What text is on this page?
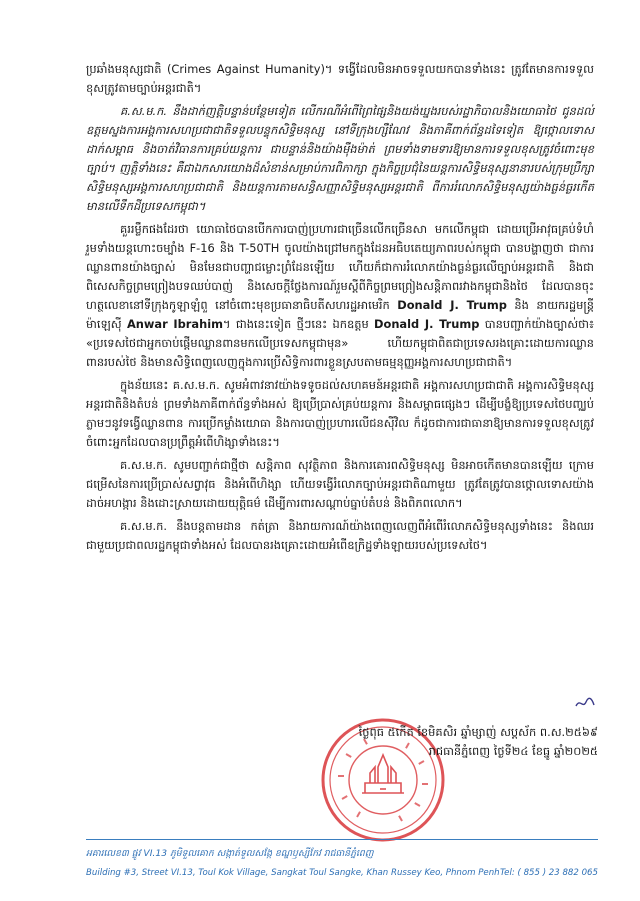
ប្រឆាំងមនុស្សជាតិ (Crimes Against Humanity)។ ទង្វើដែលមិនអាចទទួលយកបានទាំងនេះ ត្រូវតែមានការទទួលខុសត្រូវតាមច្បាប់អន្តរជាតិ។

គ.ស.ម.ក. នឹងដាក់ញត្តិបន្ទាន់បន្ថែមទៀត លើករណីអំពើព្រៃផ្សៃនិងយង់ឃ្នងរបស់រដ្ឋាភិបាលនិងយោធាថៃ ជូនដល់ឧត្តមស្នងការអង្គការសហប្រជាជាតិទទួលបន្ទុកសិទ្ធិមនុស្ស នៅទីក្រុងហ្សឺណែវ និងភាគីពាក់ព័ន្ធដទៃទៀត ឱ្យថ្កោលទោស ដាក់សម្ពាធ និងចាត់វិធានការគ្រប់យន្តការ ជាបន្ទាន់និងយ៉ាងម៉ឺងម៉ាត់ ព្រមទាំងទាមទារឱ្យមានការទទួលខុសត្រូវចំពោះមុខច្បាប់។ ញត្តិទាំងនេះ គឺជាឯកសារយោងដ៏សំខាន់សម្រាប់ការពិភាក្សា ក្នុងកិច្ចប្រជុំនៃយន្តការសិទ្ធិមនុស្សនានារបស់ក្រុមប្រឹក្សាសិទ្ធិមនុស្សអង្គការសហប្រជាជាតិ និងយន្តការតាមសន្ធិសញ្ញាសិទ្ធិមនុស្សអន្តរជាតិ ពីការរំលោភសិទ្ធិមនុស្សយ៉ាងធ្ងន់ធ្ងរកើតមានលើទឹកដីប្រទេសកម្ពុជា។

គួររម្លឹកផងដែរថា យោធាថៃបានបើកការបាញ់ប្រហារជាច្រើនលើកច្រើនសា មកលើកម្ពុជា ដោយប្រើអាវុធគ្រប់ទំហំ រួមទាំងយន្តហោះចម្បាំង F-16 និង T-50TH ចូលយ៉ាងជ្រៅមកក្នុងដែនអធិបតេយ្យភាពរបស់កម្ពុជា បានបង្ហាញថា ជាការឈ្លានពានយ៉ាងច្បាស់ មិនមែនជាបញ្ហាជម្លោះព្រំដែនឡើយ ហើយក៏ជាការរំលោភយ៉ាងធ្ងន់ធ្ងរលើច្បាប់អន្តរជាតិ និងជាពិសេសកិច្ចព្រមព្រៀងបទឈប់បាញ់ និងសេចក្តីថ្លែងការណ៍រួមស្តីពីកិច្ចព្រមព្រៀងសន្តិភាពរវាងកម្ពុជានិងថៃ ដែលបានចុះហត្ថលេខានៅទីក្រុងកូឡាឡំពួ នៅចំពោះមុខប្រធានាធិបតីសហរដ្ឋអាមេរិក Donald J. Trump និង នាយករដ្ឋមន្ត្រីម៉ាឡេស៊ី Anwar Ibrahim។ ជាងនេះទៀត ថ្មីៗនេះ ឯកឧត្តម Donald J. Trump បានបញ្ជាក់យ៉ាងច្បាស់ថា៖ «ប្រទេសថៃជាអ្នកចាប់ផ្តើមឈ្លានពានមកលើប្រទេសកម្ពុជាមុន» ហើយកម្ពុជាពិតជាប្រទេសរងគ្រោះដោយការឈ្លានពានរបស់ថៃ និងមានសិទ្ធិពេញលេញក្នុងការប្រើសិទ្ធិការពារខ្លួនស្របតាមធម្មនុញ្ញអង្គការសហប្រជាជាតិ។

ក្នុងន័យនេះ គ.ស.ម.ក. សូមអំពាវនាវយ៉ាងទទូចដល់សហគមន៍អន្តរជាតិ អង្គការសហប្រជាជាតិ អង្គការសិទ្ធិមនុស្សអន្តរជាតិនិងតំបន់ ព្រមទាំងភាគីពាក់ព័ន្ធទាំងអស់ ឱ្យប្រើប្រាស់គ្រប់យន្តការ និងសម្ពាធផ្សេងៗ ដើម្បីបង្ខំឱ្យប្រទេសថៃបញ្ឈប់ភ្លាមៗនូវទង្វើឈ្លានពាន ការប្រើកម្លាំងយោធា និងការបាញ់ប្រហារលើជនស៊ីវិល ក៏ដូចជាការជាធានាឱ្យមានការទទួលខុសត្រូវចំពោះអ្នកដែលបានប្រព្រឹត្តអំពើហិង្សាទាំងនេះ។

គ.ស.ម.ក. សូមបញ្ជាក់ជាថ្មីថា សន្តិភាព សុវត្ថិភាព និងការគោរពសិទ្ធិមនុស្ស មិនអាចកើតមានបានឡើយ ក្រោមជម្រើសនៃការប្រើប្រាស់សព្វាវុធ និងអំពើហិង្សា ហើយទង្វើរំលោភច្បាប់អន្តរជាតិណាមួយ ត្រូវតែត្រូវបានថ្កោលទោសយ៉ាងដាច់អហង្ការ និងដោះស្រាយដោយយុត្តិធម៌ ដើម្បីការពារសណ្តាប់ធ្នាប់តំបន់ និងពិភពលោក។

គ.ស.ម.ក. នឹងបន្តតាមដាន កត់ត្រា និងរាយការណ៍យ៉ាងពេញលេញពីអំពើរំលោភសិទ្ធិមនុស្សទាំងនេះ និងឈរជាមួយប្រជាពលរដ្ឋកម្ពុជាទាំងអស់ ដែលបានរងគ្រោះដោយអំពើឧក្រិដ្ឋទាំងឡាយរបស់ប្រទេសថៃ។

ថ្ងៃពុធ ៥កើត ខែមិគសិរ ឆ្នាំម្សាញ់ សប្តស័ក ព.ស.២៥៦៩
រាជធានីភ្នំពេញ ថ្ងៃទី២៤ ខែធ្នូ ឆ្នាំ២០២៥
អគារលេខ៣ ផ្លូវ VI.13 ភូមិទួលគោក សង្កាត់ទួលសង្កែ ខណ្ឌឫស្សីកែវ រាជធានីភ្នំពេញ
Building #3, Street VI.13, Toul Kok Village, Sangkat Toul Sangke, Khan Russey Keo, Phnom Penh Tel: ( 855 ) 23 882 065
